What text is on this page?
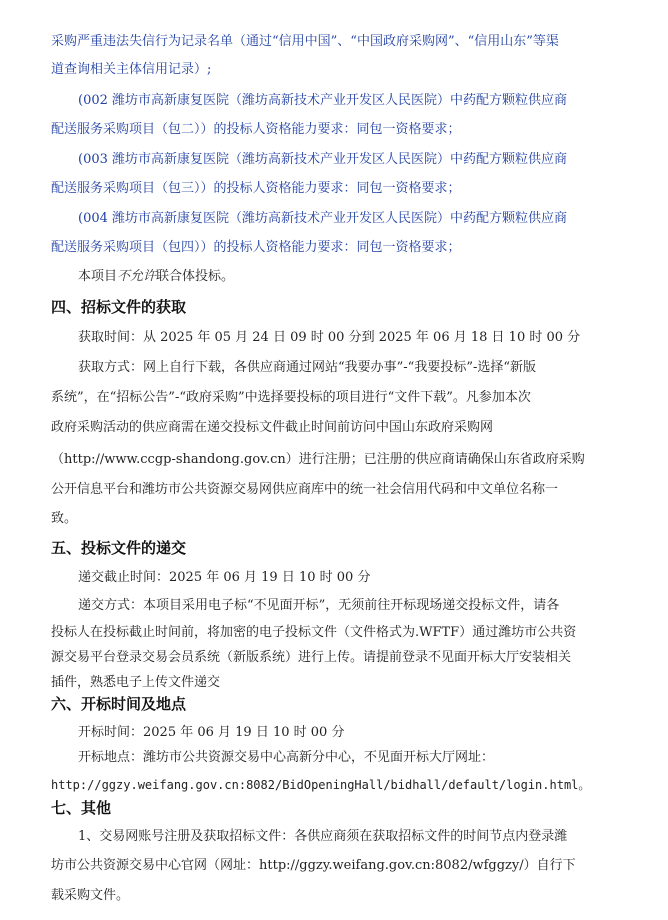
采购严重违法失信行为记录名单（通过“信用中国”、“中国政府采购网”、“信用山东”等渠
道查询相关主体信用记录）;
(002 潍坊市高新康复医院（潍坊高新技术产业开发区人民医院）中药配方颗粒供应商
配送服务采购项目（包二））的投标人资格能力要求：同包一资格要求；
(003 潍坊市高新康复医院（潍坊高新技术产业开发区人民医院）中药配方颗粒供应商
配送服务采购项目（包三））的投标人资格能力要求：同包一资格要求；
(004 潍坊市高新康复医院（潍坊高新技术产业开发区人民医院）中药配方颗粒供应商
配送服务采购项目（包四））的投标人资格能力要求：同包一资格要求；
本项目不允许联合体投标。
四、招标文件的获取
获取时间：从 2025 年 05 月 24 日 09 时 00 分到 2025 年 06 月 18 日 10 时 00 分
获取方式：网上自行下载，各供应商通过网站“我要办事”-“我要投标”-选择“新版
系统”，在“招标公告”-“政府采购”中选择要投标的项目进行“文件下载”。凡参加本次
政府采购活动的供应商需在递交投标文件截止时间前访问中国山东政府采购网
（http://www.ccgp-shandong.gov.cn）进行注册；已注册的供应商请确保山东省政府采购
公开信息平台和潍坊市公共资源交易网供应商库中的统一社会信用代码和中文单位名称一
致。
五、投标文件的递交
递交截止时间：2025 年 06 月 19 日 10 时 00 分
递交方式：本项目采用电子标“不见面开标”，无须前往开标现场递交投标文件，请各
投标人在投标截止时间前，将加密的电子投标文件（文件格式为.WFTF）通过潍坊市公共资
源交易平台登录交易会员系统（新版系统）进行上传。请提前登录不见面开标大厅安装相关
插件，熟悉电子上传文件递交
六、开标时间及地点
开标时间：2025 年 06 月 19 日 10 时 00 分
开标地点：潍坊市公共资源交易中心高新分中心，不见面开标大厅网址：
http://ggzy.weifang.gov.cn:8082/BidOpeningHall/bidhall/default/login.html。
七、其他
1、交易网账号注册及获取招标文件：各供应商须在获取招标文件的时间节点内登录潍
坊市公共资源交易中心官网（网址：http://ggzy.weifang.gov.cn:8082/wfggzy/）自行下
载采购文件。
